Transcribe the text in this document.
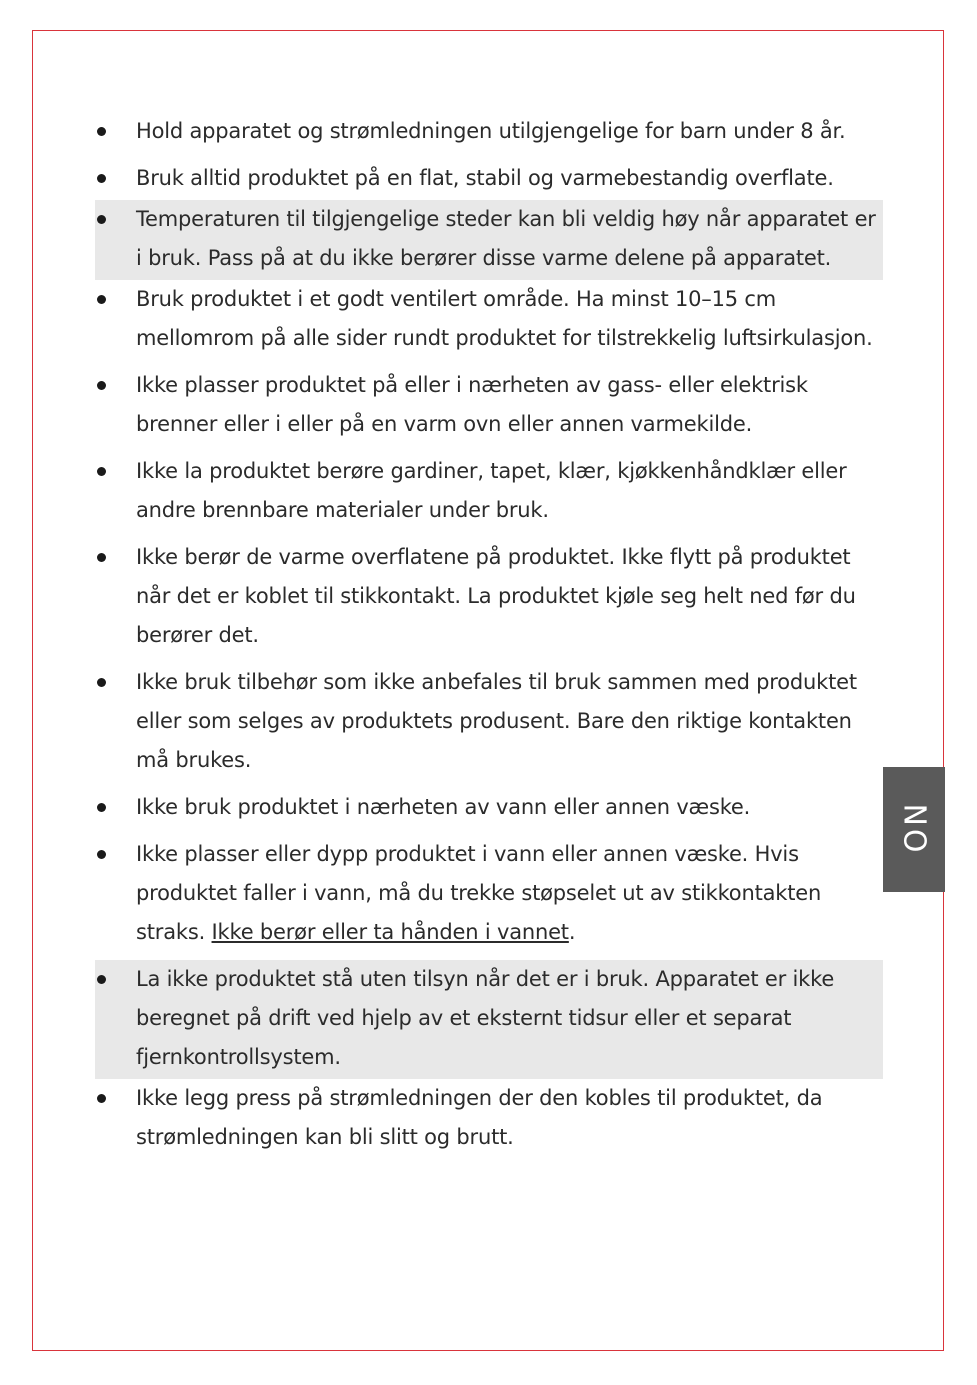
Hold apparatet og strømledningen utilgjengelige for barn under 8 år.
Bruk alltid produktet på en flat, stabil og varmebestandig overflate.
Temperaturen til tilgjengelige steder kan bli veldig høy når apparatet er i bruk. Pass på at du ikke berører disse varme delene på apparatet.
Bruk produktet i et godt ventilert område. Ha minst 10–15 cm mellomrom på alle sider rundt produktet for tilstrekkelig luftsirkulasjon.
Ikke plasser produktet på eller i nærheten av gass- eller elektrisk brenner eller i eller på en varm ovn eller annen varmekilde.
Ikke la produktet berøre gardiner, tapet, klær, kjøkkenhåndklær eller andre brennbare materialer under bruk.
Ikke berør de varme overflatene på produktet. Ikke flytt på produktet når det er koblet til stikkontakt. La produktet kjøle seg helt ned før du berører det.
Ikke bruk tilbehør som ikke anbefales til bruk sammen med produktet eller som selges av produktets produsent. Bare den riktige kontakten må brukes.
Ikke bruk produktet i nærheten av vann eller annen væske.
Ikke plasser eller dypp produktet i vann eller annen væske. Hvis produktet faller i vann, må du trekke støpselet ut av stikkontakten straks. Ikke berør eller ta hånden i vannet.
La ikke produktet stå uten tilsyn når det er i bruk. Apparatet er ikke beregnet på drift ved hjelp av et eksternt tidsur eller et separat fjernkontrollsystem.
Ikke legg press på strømledningen der den kobles til produktet, da strømledningen kan bli slitt og brutt.
NO
